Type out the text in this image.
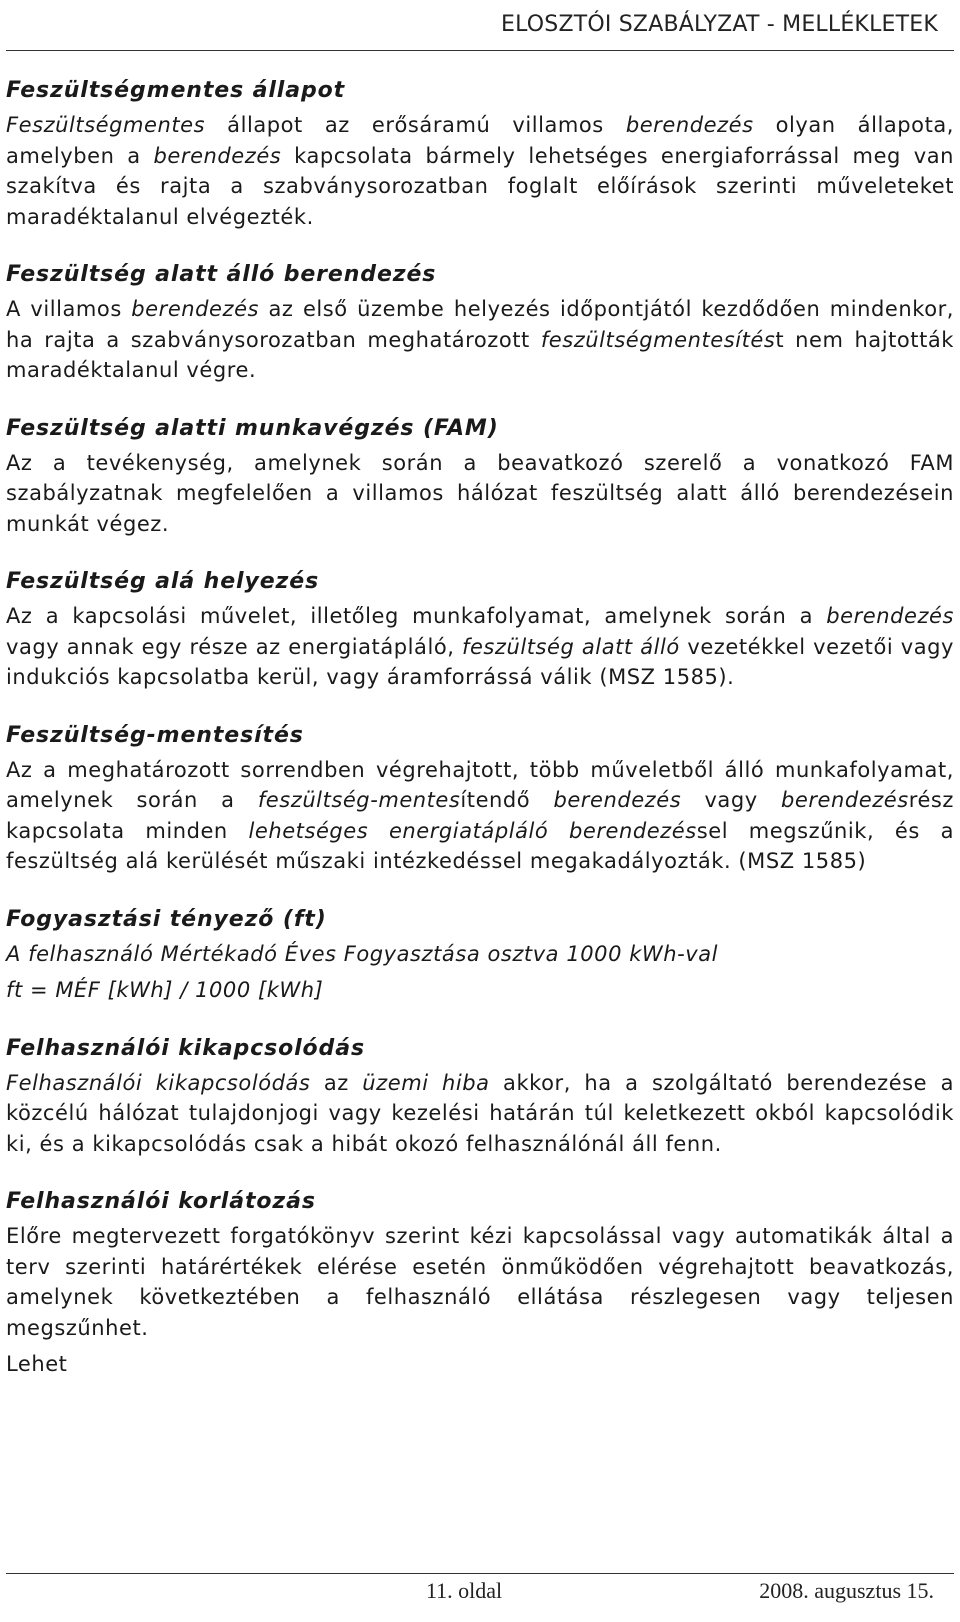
ELOSZTÓI SZABÁLYZAT - MELLÉKLETEK
Feszültségmentes állapot

Feszültségmentes állapot az erősáramú villamos berendezés olyan állapota, amelyben a berendezés kapcsolata bármely lehetséges energiaforrással meg van szakítva és rajta a szabványsorozatban foglalt előírások szerinti műveleteket maradéktalanul elvégezték.

Feszültség alatt álló berendezés

A villamos berendezés az első üzembe helyezés időpontjától kezdődően mindenkor, ha rajta a szabványsorozatban meghatározott feszültségmentesítést nem hajtották maradéktalanul végre.

Feszültség alatti munkavégzés (FAM)

Az a tevékenység, amelynek során a beavatkozó szerelő a vonatkozó FAM szabályzatnak megfelelően a villamos hálózat feszültség alatt álló berendezésein munkát végez.

Feszültség alá helyezés

Az a kapcsolási művelet, illetőleg munkafolyamat, amelynek során a berendezés vagy annak egy része az energiatápláló, feszültség alatt álló vezetékkel vezetői vagy indukciós kapcsolatba kerül, vagy áramforrássá válik (MSZ 1585).

Feszültség-mentesítés

Az a meghatározott sorrendben végrehajtott, több műveletből álló munkafolyamat, amelynek során a feszültség-mentesítendő berendezés vagy berendezésrész kapcsolata minden lehetséges energiatápláló berendezéssel megszűnik, és a feszültség alá kerülését műszaki intézkedéssel megakadályozták. (MSZ 1585)

Fogyasztási tényező (ft)

A felhasználó Mértékadó Éves Fogyasztása osztva 1000 kWh-val

ft = MÉF [kWh] / 1000 [kWh]

Felhasználói kikapcsolódás

Felhasználói kikapcsolódás az üzemi hiba akkor, ha a szolgáltató berendezése a közcélú hálózat tulajdonjogi vagy kezelési határán túl keletkezett okból kapcsolódik ki, és a kikapcsolódás csak a hibát okozó felhasználónál áll fenn.

Felhasználói korlátozás

Előre megtervezett forgatókönyv szerint kézi kapcsolással vagy automatikák által a terv szerinti határértékek elérése esetén önműködően végrehajtott beavatkozás, amelynek következtében a felhasználó ellátása részlegesen vagy teljesen megszűnhet.

Lehet

11. oldal	2008. augusztus 15.
